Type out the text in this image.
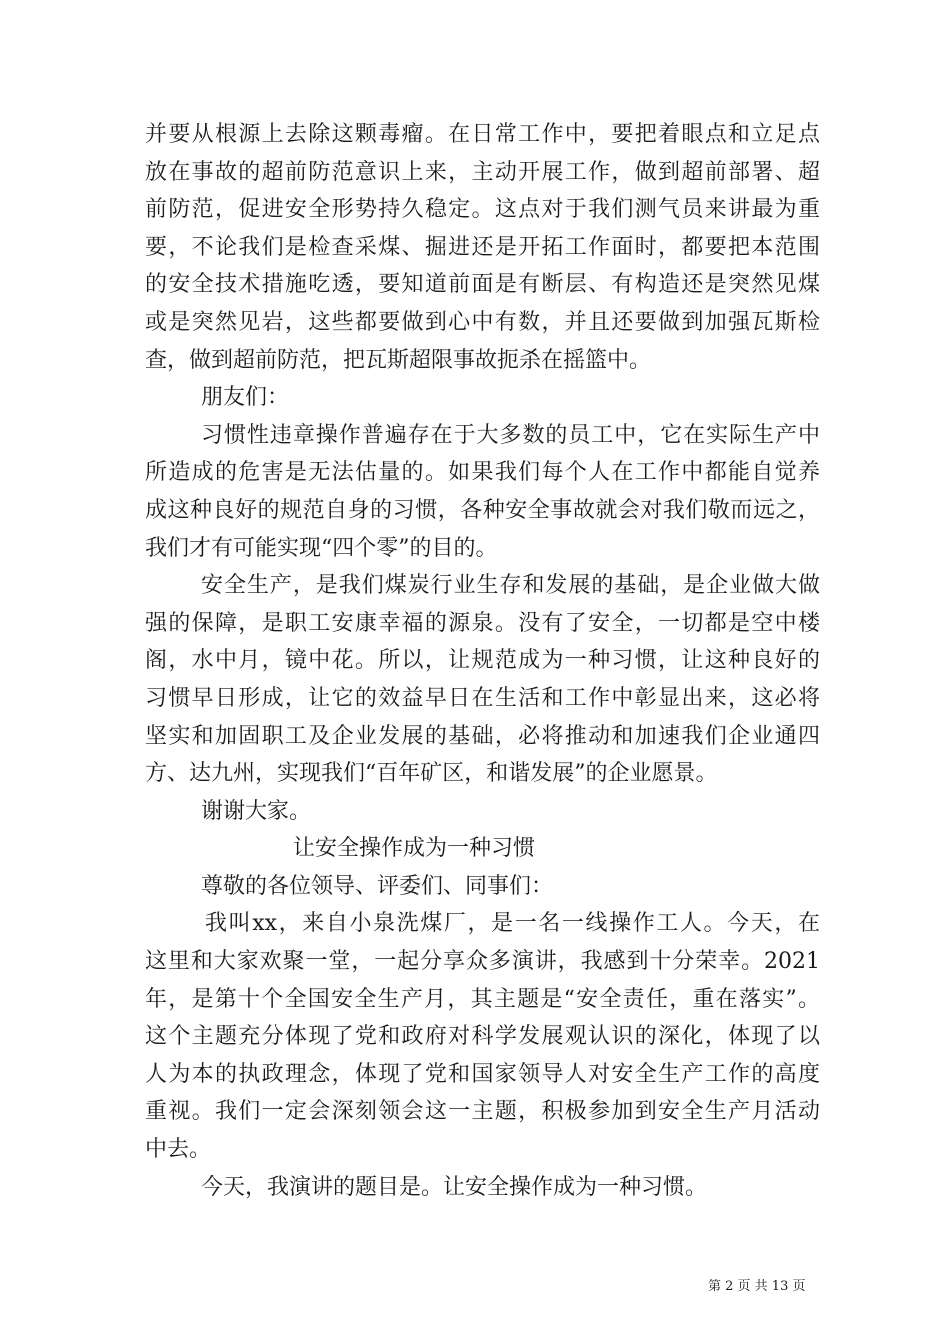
并要从根源上去除这颗毒瘤。在日常工作中，要把着眼点和立足点
放在事故的超前防范意识上来，主动开展工作，做到超前部署、超
前防范，促进安全形势持久稳定。这点对于我们测气员来讲最为重
要，不论我们是检查采煤、掘进还是开拓工作面时，都要把本范围
的安全技术措施吃透，要知道前面是有断层、有构造还是突然见煤
或是突然见岩，这些都要做到心中有数，并且还要做到加强瓦斯检
查，做到超前防范，把瓦斯超限事故扼杀在摇篮中。
朋友们：
习惯性违章操作普遍存在于大多数的员工中，它在实际生产中
所造成的危害是无法估量的。如果我们每个人在工作中都能自觉养
成这种良好的规范自身的习惯，各种安全事故就会对我们敬而远之，
我们才有可能实现“四个零”的目的。
安全生产，是我们煤炭行业生存和发展的基础，是企业做大做
强的保障，是职工安康幸福的源泉。没有了安全，一切都是空中楼
阁，水中月，镜中花。所以，让规范成为一种习惯，让这种良好的
习惯早日形成，让它的效益早日在生活和工作中彰显出来，这必将
坚实和加固职工及企业发展的基础，必将推动和加速我们企业通四
方、达九州，实现我们“百年矿区，和谐发展”的企业愿景。
谢谢大家。
让安全操作成为一种习惯
尊敬的各位领导、评委们、同事们：
我叫xx，来自小泉洗煤厂，是一名一线操作工人。今天，在
这里和大家欢聚一堂，一起分享众多演讲，我感到十分荣幸。2021
年，是第十个全国安全生产月，其主题是“安全责任，重在落实”。
这个主题充分体现了党和政府对科学发展观认识的深化，体现了以
人为本的执政理念，体现了党和国家领导人对安全生产工作的高度
重视。我们一定会深刻领会这一主题，积极参加到安全生产月活动
中去。
今天，我演讲的题目是。让安全操作成为一种习惯。
第 2 页 共 13 页
